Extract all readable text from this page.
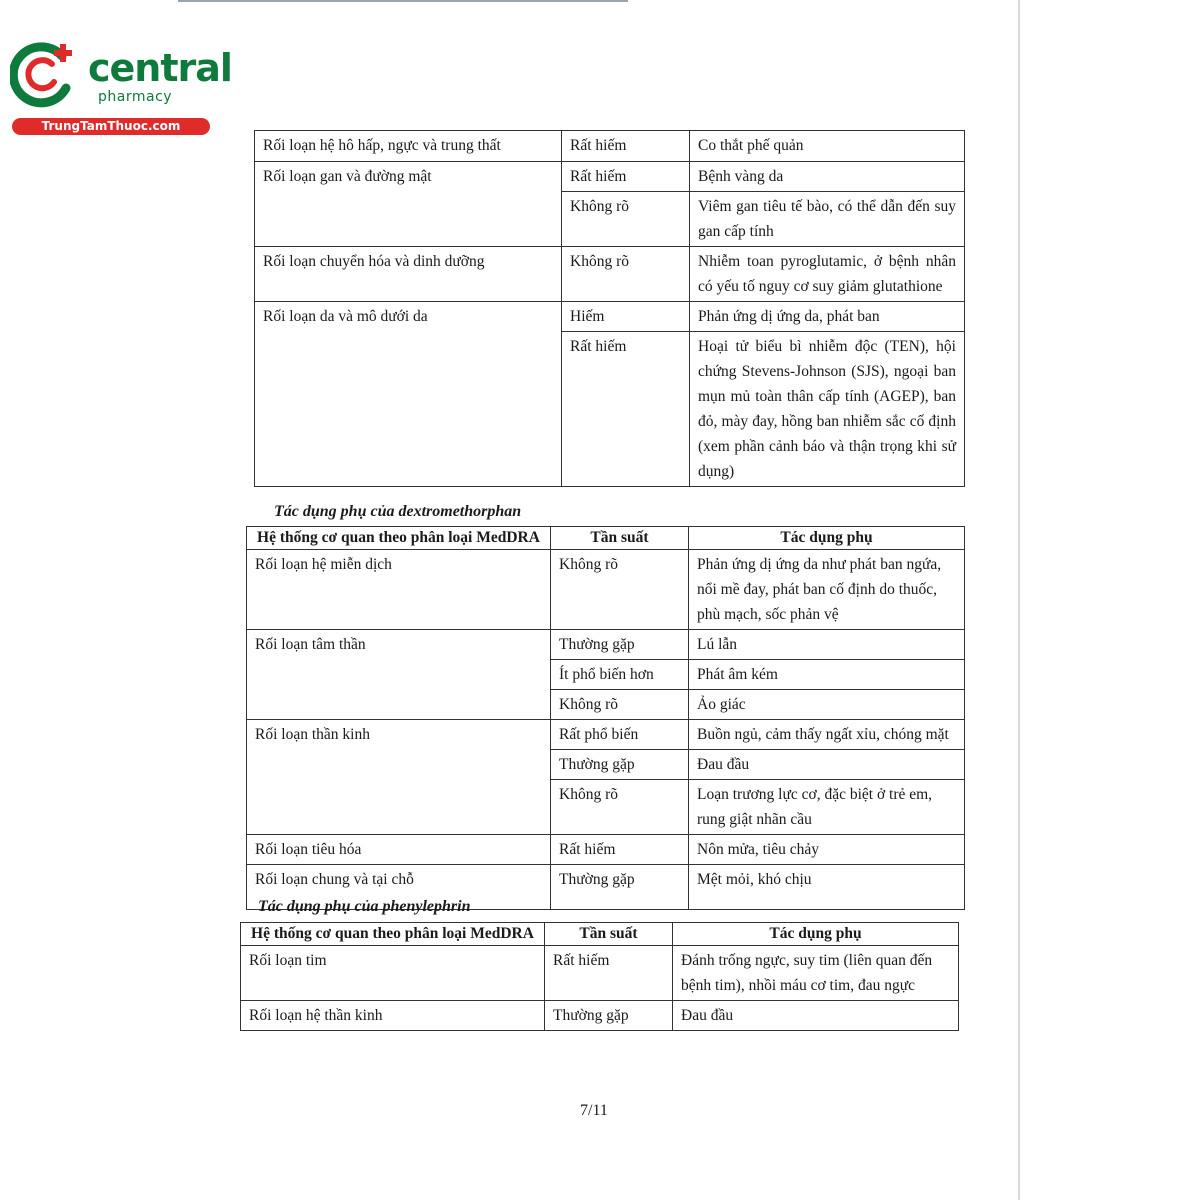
central
pharmacy
TrungTamThuoc.com
Rối loạn hệ hô hấp, ngực và trung thất	Rất hiếm	Co thắt phế quản
Rối loạn gan và đường mật	Rất hiếm	Bệnh vàng da
	Không rõ	Viêm gan tiêu tế bào, có thể dẫn đến suy gan cấp tính
Rối loạn chuyển hóa và dinh dưỡng	Không rõ	Nhiễm toan pyroglutamic, ở bệnh nhân có yếu tố nguy cơ suy giảm glutathione
Rối loạn da và mô dưới da	Hiếm	Phản ứng dị ứng da, phát ban
	Rất hiếm	Hoại tử biểu bì nhiễm độc (TEN), hội chứng Stevens-Johnson (SJS), ngoại ban mụn mủ toàn thân cấp tính (AGEP), ban đỏ, mày đay, hồng ban nhiễm sắc cố định (xem phần cảnh báo và thận trọng khi sử dụng)
Tác dụng phụ của dextromethorphan
Hệ thống cơ quan theo phân loại MedDRA	Tần suất	Tác dụng phụ
Rối loạn hệ miễn dịch	Không rõ	Phản ứng dị ứng da như phát ban ngứa, nổi mề đay, phát ban cố định do thuốc, phù mạch, sốc phản vệ
Rối loạn tâm thần	Thường gặp	Lú lẫn
	Ít phổ biến hơn	Phát âm kém
	Không rõ	Ảo giác
Rối loạn thần kinh	Rất phổ biến	Buồn ngủ, cảm thấy ngất xỉu, chóng mặt
	Thường gặp	Đau đầu
	Không rõ	Loạn trương lực cơ, đặc biệt ở trẻ em, rung giật nhãn cầu
Rối loạn tiêu hóa	Rất hiếm	Nôn mửa, tiêu chảy
Rối loạn chung và tại chỗ	Thường gặp	Mệt mỏi, khó chịu
Tác dụng phụ của phenylephrin
Hệ thống cơ quan theo phân loại MedDRA	Tần suất	Tác dụng phụ
Rối loạn tim	Rất hiếm	Đánh trống ngực, suy tim (liên quan đến bệnh tim), nhồi máu cơ tim, đau ngực
Rối loạn hệ thần kinh	Thường gặp	Đau đầu
7/11
